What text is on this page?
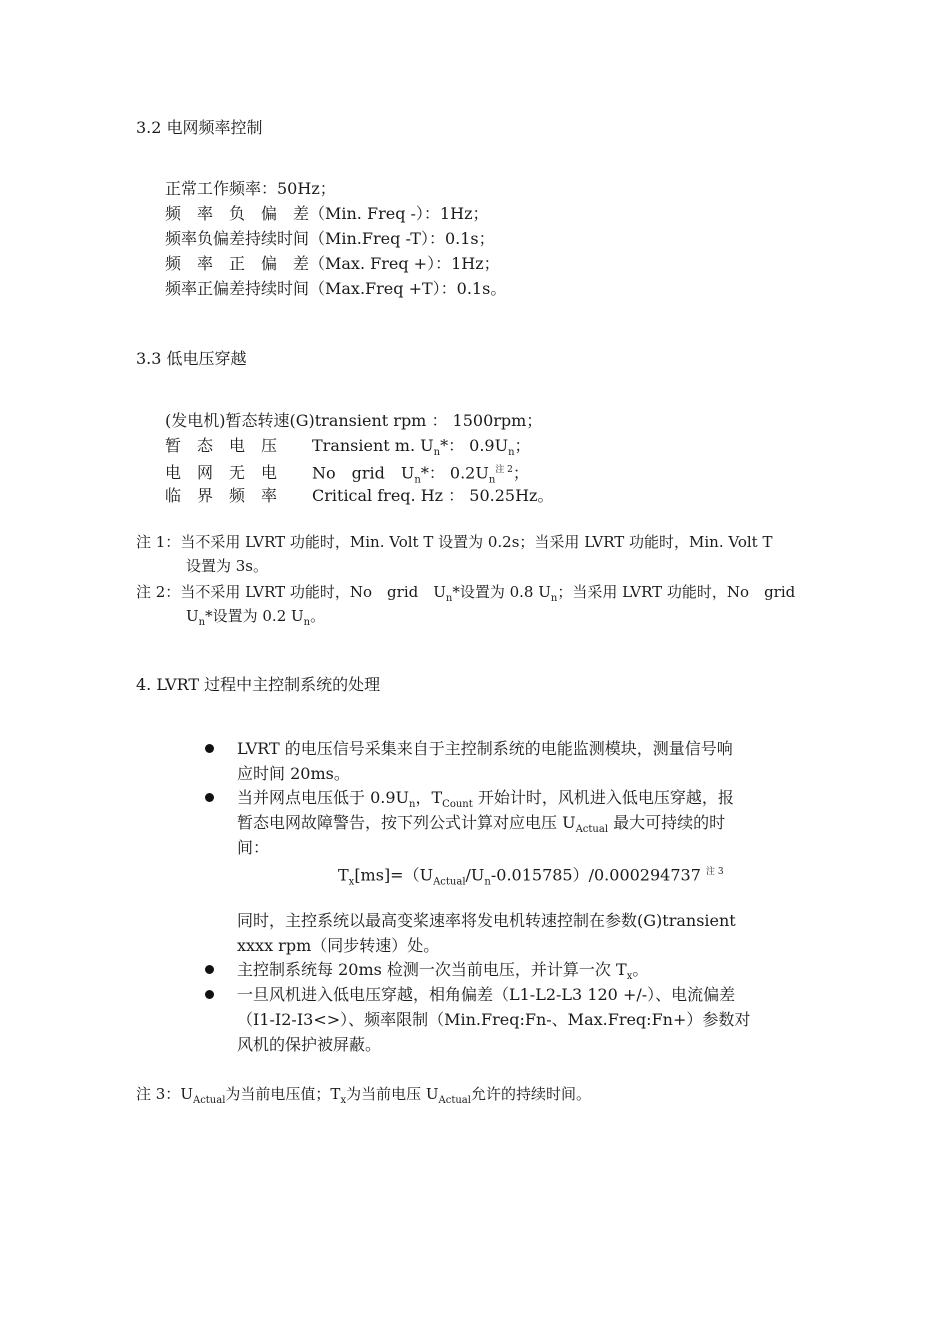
3.2 电网频率控制
正常工作频率：50Hz；
频　率　负　偏　差（Min. Freq -）：1Hz；
频率负偏差持续时间（Min.Freq -T）：0.1s；
频　率　正　偏　差（Max. Freq +）：1Hz；
频率正偏差持续时间（Max.Freq +T）：0.1s。
3.3 低电压穿越
(发电机)暂态转速(G)transient rpm ： 1500rpm；
暂　态　电　压 Transient m. $U_n*$： $0.9U_n$；
电　网　无　电 No　grid　$U_n*$： $0.2U_n^{注 2}$；
临　界　频　率 Critical freq. Hz ： 50.25Hz。
注 1：当不采用 LVRT 功能时，Min. Volt T 设置为 0.2s；当采用 LVRT 功能时，Min. Volt T
设置为 3s。
注 2：当不采用 LVRT 功能时，No　grid　$U_n*$设置为 0.8 $U_n$；当采用 LVRT 功能时，No　grid
$U_n*$设置为 0.2 $U_n$。
4. LVRT 过程中主控制系统的处理
LVRT 的电压信号采集来自于主控制系统的电能监测模块，测量信号响
应时间 20ms。
当并网点电压低于 $0.9U_n$，$T_{Count}$ 开始计时，风机进入低电压穿越，报
暂态电网故障警告，按下列公式计算对应电压 $U_{Actual}$ 最大可持续的时
间：
$T_x[ms]=(U_{Actual}/U_n-0.015785)/0.000294737$ $^{注 3}$
同时，主控系统以最高变桨速率将发电机转速控制在参数(G)transient
xxxx rpm（同步转速）处。
主控制系统每 20ms 检测一次当前电压，并计算一次 $T_x$。
一旦风机进入低电压穿越，相角偏差（L1-L2-L3 120 +/-）、电流偏差
（I1-I2-I3<>）、频率限制（Min.Freq:Fn-、Max.Freq:Fn+）参数对
风机的保护被屏蔽。
注 3：$U_{Actual}$为当前电压值；$T_x$为当前电压 $U_{Actual}$允许的持续时间。
